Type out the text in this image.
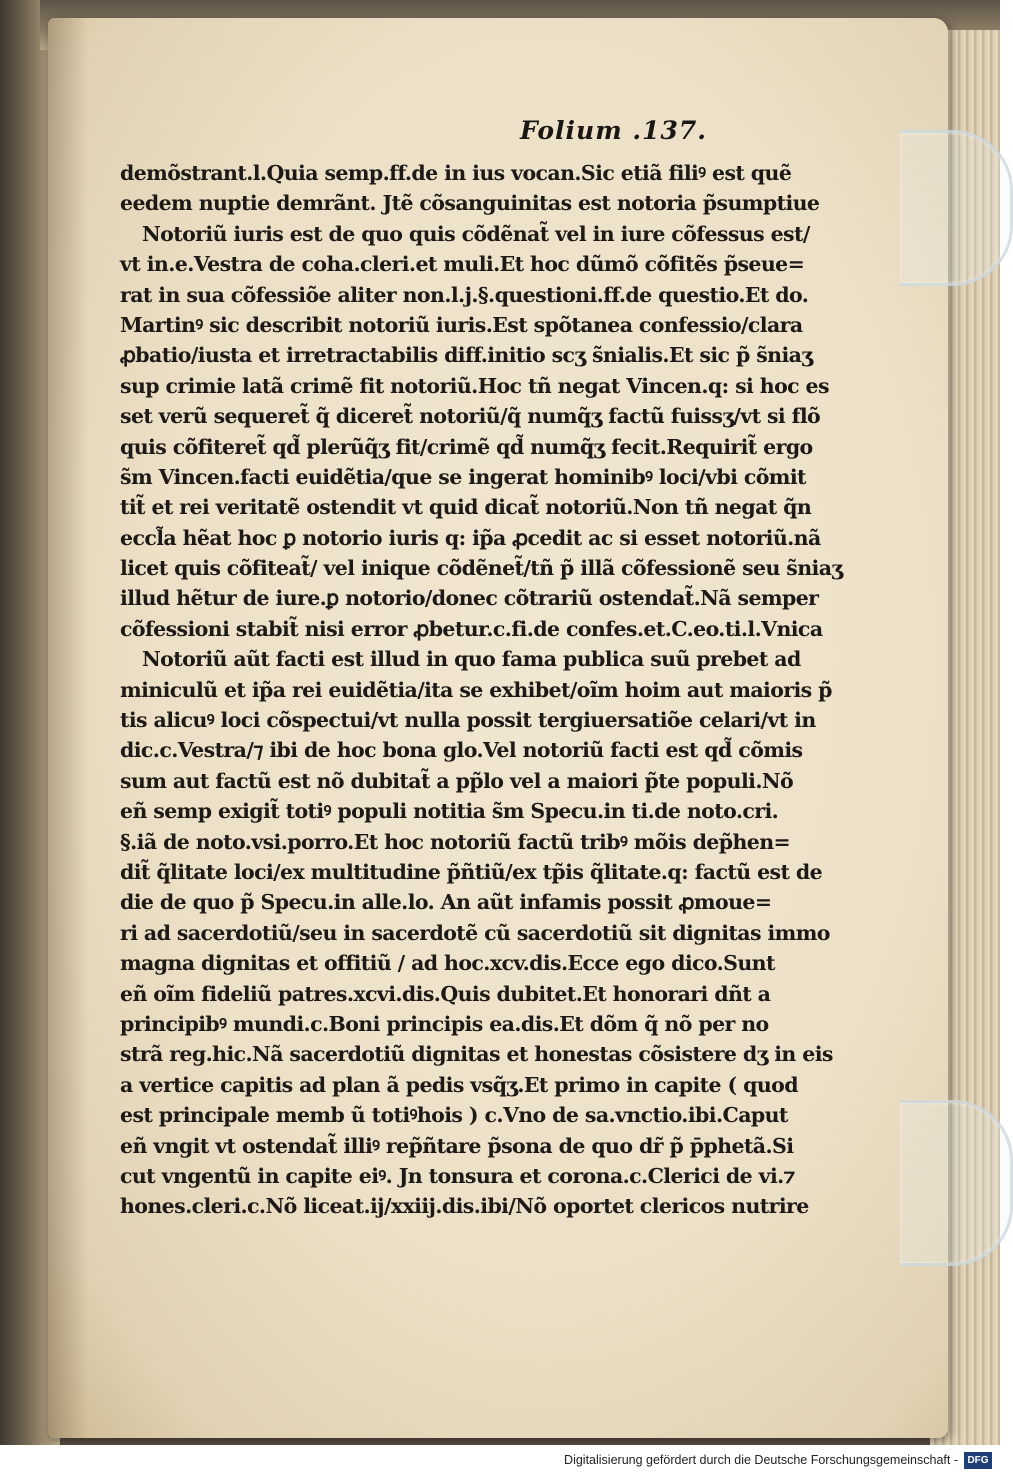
Folium .137.
demõstrant.l.Quia semp.ff.de in ius vocan.Sic etiã filiꝰ est quẽ
eedem nuptie demrãnt. Jtẽ cõsanguinitas est notoria p̃sumptiue
Notoriũ iuris est de quo quis cõdẽnat̃ vel in iure cõfessus est/
vt in.e.Vestra de coha.cleri.et muli.Et hoc dũmõ cõfitẽs p̃seue=
rat in sua cõfessiõe aliter non.l.j.§.questioni.ff.de questio.Et do.
Martinꝰ sic describit notoriũ iuris.Est spõtanea confessio/clara
ꝓbatio/iusta et irretractabilis diff.initio scʒ s̃nialis.Et sic p̃ s̃niaʒ
sup crimie latã crimẽ fit notoriũ.Hoc tñ negat Vincen.q: si hoc es
set verũ sequeret̃ q̃ diceret̃ notoriũ/q̃ numq̃ʒ factũ fuissʒ/vt si flõ
quis cõfiteret̃ qd̃ plerũq̃ʒ fit/crimẽ qd̃ numq̃ʒ fecit.Requirit̃ ergo
s̃m Vincen.facti euidẽtia/que se ingerat hominibꝰ loci/vbi cõmit
tit̃ et rei veritatẽ ostendit vt quid dicat̃ notoriũ.Non tñ negat q̃n
eccl̃a hẽat hoc ꝑ notorio iuris q: ip̃a ꝓcedit ac si esset notoriũ.nã
licet quis cõfiteat̃/ vel inique cõdẽnet̃/tñ p̃ illã cõfessionẽ seu s̃niaʒ
illud hẽtur de iure.ꝑ notorio/donec cõtrariũ ostendat̃.Nã semper
cõfessioni stabit̃ nisi error ꝓbetur.c.fi.de confes.et.C.eo.ti.l.Vnica
Notoriũ aũt facti est illud in quo fama publica suũ prebet ad
miniculũ et ip̃a rei euidẽtia/ita se exhibet/oĩm hoim aut maioris p̃
tis alicuꝰ loci cõspectui/vt nulla possit tergiuersatiõe celari/vt in
dic.c.Vestra/⁊ ibi de hoc bona glo.Vel notoriũ facti est qd̃ cõmis
sum aut factũ est nõ dubitat̃ a pp̃lo vel a maiori p̃te populi.Nõ
eñ semp exigit̃ totiꝰ populi notitia s̃m Specu.in ti.de noto.cri.
§.iã de noto.vsi.porro.Et hoc notoriũ factũ tribꝰ mõis dep̃hen=
dit̃ q̃litate loci/ex multitudine p̃ñtiũ/ex tp̃is q̃litate.q: factũ est de
die de quo p̃ Specu.in alle.lo. An aũt infamis possit ꝓmoue=
ri ad sacerdotiũ/seu in sacerdotẽ cũ sacerdotiũ sit dignitas immo
magna dignitas et offitiũ / ad hoc.xcv.dis.Ecce ego dico.Sunt
eñ oĩm fideliũ patres.xcvi.dis.Quis dubitet.Et honorari dñt a
principibꝰ mundi.c.Boni principis ea.dis.Et dõm q̃ nõ per no
strã reg.hic.Nã sacerdotiũ dignitas et honestas cõsistere dʒ in eis
a vertice capitis ad plan ã pedis vsq̃ʒ.Et primo in capite ( quod
est principale memb ũ totiꝰhois ) c.Vno de sa.vnctio.ibi.Caput
eñ vngit vt ostendat̃ illiꝰ rep̃ñtare p̃sona de quo dr̃ p̃ p̄phetã.Si
cut vngentũ in capite eiꝰ. Jn tonsura et corona.c.Clerici de vi.⁊
hones.cleri.c.Nõ liceat.ij/xxiij.dis.ibi/Nõ oportet clericos nutrire
Digitalisierung gefördert durch die Deutsche Forschungsgemeinschaft - DFG
